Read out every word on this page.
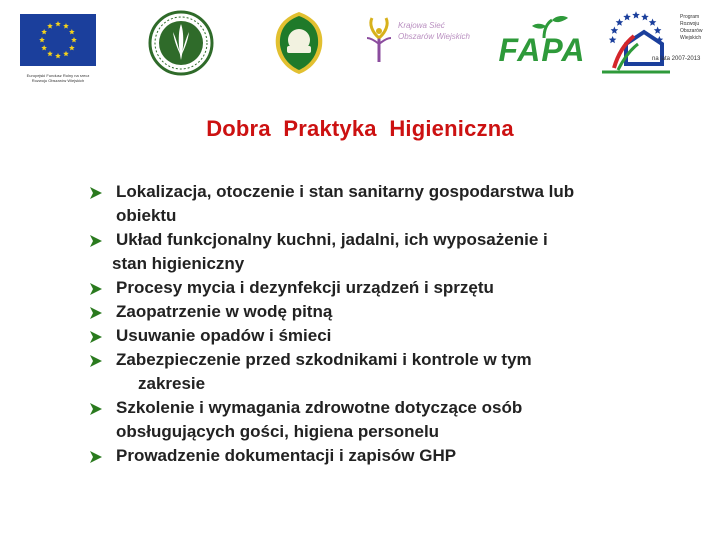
Europejski Fundusz Rolny na rzecz
Rozwoju Obszarów Wiejskich
Krajowa Sieć
Obszarów Wiejskich FAPA
Program
Rozwoju
Obszarów
Wiejskich
na lata 2007-2013
Dobra  Praktyka  Higieniczna
Lokalizacja, otoczenie i stan sanitarny gospodarstwa lub
obiektu
Układ funkcjonalny kuchni, jadalni, ich wyposażenie i
stan higieniczny
Procesy mycia i dezynfekcji urządzeń i sprzętu
Zaopatrzenie w wodę pitną
Usuwanie opadów i śmieci
Zabezpieczenie przed szkodnikami i kontrole w tym
zakresie
Szkolenie i wymagania zdrowotne dotyczące osób
obsługujących gości, higiena personelu
Prowadzenie dokumentacji i zapisów GHP
